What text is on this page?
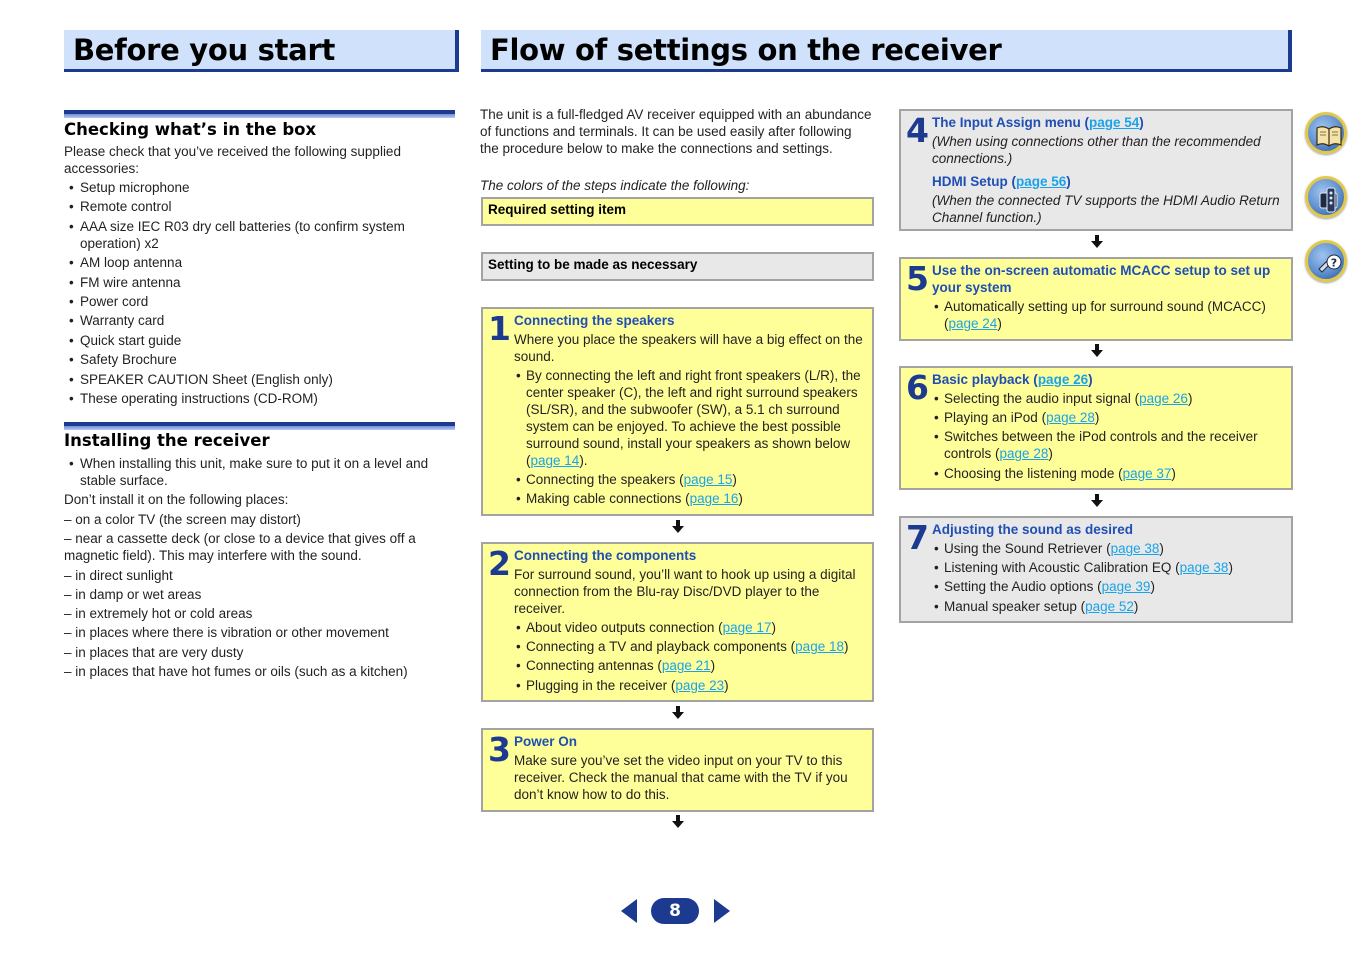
Before you start	Flow of settings on the receiver
Checking what’s in the box
Please check that you’ve received the following supplied accessories:
• Setup microphone
• Remote control
• AAA size IEC R03 dry cell batteries (to confirm system operation) x2
• AM loop antenna
• FM wire antenna
• Power cord
• Warranty card
• Quick start guide
• Safety Brochure
• SPEAKER CAUTION Sheet (English only)
• These operating instructions (CD-ROM)
Installing the receiver
• When installing this unit, make sure to put it on a level and stable surface.
Don’t install it on the following places:
– on a color TV (the screen may distort)
– near a cassette deck (or close to a device that gives off a magnetic field). This may interfere with the sound.
– in direct sunlight
– in damp or wet areas
– in extremely hot or cold areas
– in places where there is vibration or other movement
– in places that are very dusty
– in places that have hot fumes or oils (such as a kitchen)
The unit is a full-fledged AV receiver equipped with an abundance of functions and terminals. It can be used easily after following the procedure below to make the connections and settings.
The colors of the steps indicate the following:
Required setting item
Setting to be made as necessary
1 Connecting the speakers

Where you place the speakers will have a big effect on the sound.

• By connecting the left and right front speakers (L/R), the center speaker (C), the left and right surround speakers (SL/SR), and the subwoofer (SW), a 5.1 ch surround system can be enjoyed. To achieve the best possible surround sound, install your speakers as shown below (page 14).
• Connecting the speakers (page 15)
• Making cable connections (page 16)
2 Connecting the components

For surround sound, you’ll want to hook up using a digital connection from the Blu-ray Disc/DVD player to the receiver.

• About video outputs connection (page 17)
• Connecting a TV and playback components (page 18)
• Connecting antennas (page 21)
• Plugging in the receiver (page 23)
3 Power On

Make sure you’ve set the video input on your TV to this receiver. Check the manual that came with the TV if you don’t know how to do this.

4 The Input Assign menu (page 54)

(When using connections other than the recommended connections.)

HDMI Setup (page 56)

(When the connected TV supports the HDMI Audio Return Channel function.)

5 Use the on-screen automatic MCACC setup to set up your system
• Automatically setting up for surround sound (MCACC) (page 24)
6 Basic playback (page 26)
• Selecting the audio input signal (page 26)
• Playing an iPod (page 28)
• Switches between the iPod controls and the receiver controls (page 28)
• Choosing the listening mode (page 37)
7 Adjusting the sound as desired
• Using the Sound Retriever (page 38)
• Listening with Acoustic Calibration EQ (page 38)
• Setting the Audio options (page 39)
• Manual speaker setup (page 52)
?
8
